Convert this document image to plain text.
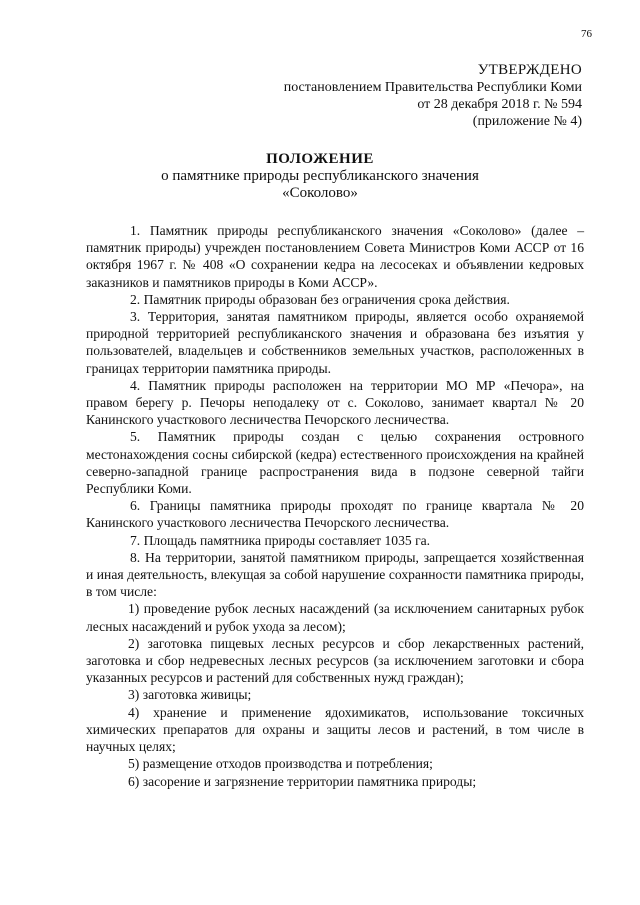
76
УТВЕРЖДЕНО
постановлением Правительства Республики Коми
от 28 декабря 2018 г. № 594
(приложение № 4)
ПОЛОЖЕНИЕ
о памятнике природы республиканского значения
«Соколово»

1. Памятник природы республиканского значения «Соколово» (далее – памятник природы) учрежден постановлением Совета Министров Коми АССР от 16 октября 1967 г. № 408 «О сохранении кедра на лесосеках и объявлении кедровых заказников и памятников природы в Коми АССР».

2. Памятник природы образован без ограничения срока действия.

3. Территория, занятая памятником природы, является особо охраняемой природной территорией республиканского значения и образована без изъятия у пользователей, владельцев и собственников земельных участков, расположенных в границах территории памятника природы.

4. Памятник природы расположен на территории МО МР «Печора», на правом берегу р. Печоры неподалеку от с. Соколово, занимает квартал № 20 Канинского участкового лесничества Печорского лесничества.

5. Памятник природы создан с целью сохранения островного местонахождения сосны сибирской (кедра) естественного происхождения на крайней северно-западной границе распространения вида в подзоне северной тайги Республики Коми.

6. Границы памятника природы проходят по границе квартала № 20 Канинского участкового лесничества Печорского лесничества.

7. Площадь памятника природы составляет 1035 га.

8. На территории, занятой памятником природы, запрещается хозяйственная и иная деятельность, влекущая за собой нарушение сохранности памятника природы, в том числе:

1) проведение рубок лесных насаждений (за исключением санитарных рубок лесных насаждений и рубок ухода за лесом);

2) заготовка пищевых лесных ресурсов и сбор лекарственных растений, заготовка и сбор недревесных лесных ресурсов (за исключением заготовки и сбора указанных ресурсов и растений для собственных нужд граждан);

3) заготовка живицы;

4) хранение и применение ядохимикатов, использование токсичных химических препаратов для охраны и защиты лесов и растений, в том числе в научных целях;

5) размещение отходов производства и потребления;

6) засорение и загрязнение территории памятника природы;
